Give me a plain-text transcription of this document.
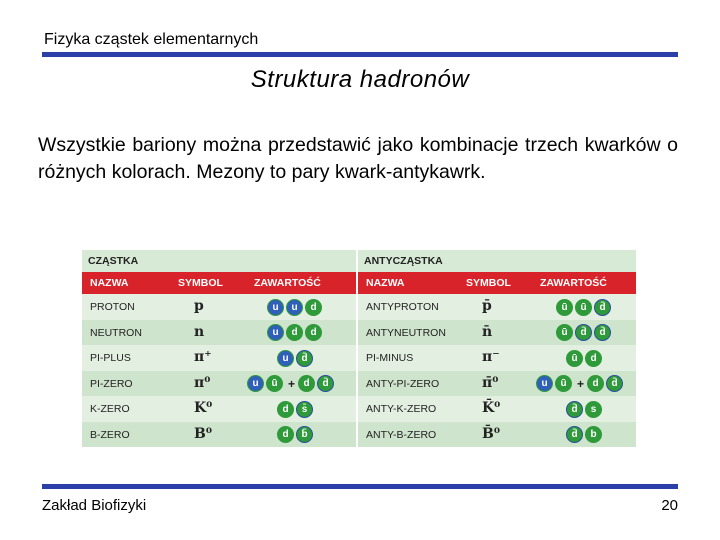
Fizyka cząstek elementarnych
Struktura hadronów
Wszystkie bariony można przedstawić jako kombinacje trzech kwarków o różnych kolorach. Mezony to pary kwark-antykawrk.
CZĄSTKA
NAZWA	SYMBOL	ZAWARTOŚĆ
PROTON	p	u	u	d
NEUTRON	n	u	d	d
PI-PLUS	π⁺	u	d̄
PI-ZERO	π⁰	u	ū + d	d̄
K-ZERO	K⁰	d	s̄
B-ZERO	B⁰	d	b̄
ANTYCZĄSTKA
NAZWA	SYMBOL	ZAWARTOŚĆ
ANTYPROTON	p̄	ū	ū	d̄
ANTYNEUTRON	n̄	ū	d̄	d̄
PI-MINUS	π⁻	ū	d
ANTY-PI-ZERO	π̄⁰	u	ū + d	d̄
ANTY-K-ZERO	K̄⁰	d̄	s
ANTY-B-ZERO	B̄⁰	d̄	b
Zakład Biofizyki	20
